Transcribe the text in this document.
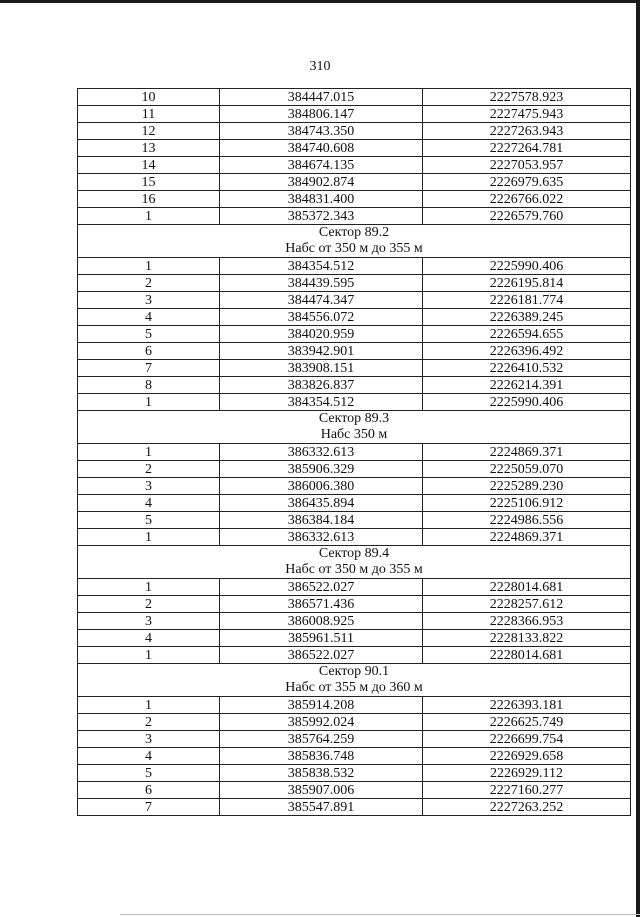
310
10	384447.015	2227578.923
11	384806.147	2227475.943
12	384743.350	2227263.943
13	384740.608	2227264.781
14	384674.135	2227053.957
15	384902.874	2226979.635
16	384831.400	2226766.022
1	385372.343	2226579.760

Сектор 89.2
Набс от 350 м до 355 м		

1	384354.512	2225990.406
2	384439.595	2226195.814
3	384474.347	2226181.774
4	384556.072	2226389.245
5	384020.959	2226594.655
6	383942.901	2226396.492
7	383908.151	2226410.532
8	383826.837	2226214.391
1	384354.512	2225990.406

Сектор 89.3
Набс 350 м		

1	386332.613	2224869.371
2	385906.329	2225059.070
3	386006.380	2225289.230
4	386435.894	2225106.912
5	386384.184	2224986.556
1	386332.613	2224869.371

Сектор 89.4
Набс от 350 м до 355 м		

1	386522.027	2228014.681
2	386571.436	2228257.612
3	386008.925	2228366.953
4	385961.511	2228133.822
1	386522.027	2228014.681

Сектор 90.1
Набс от 355 м до 360 м		

1	385914.208	2226393.181
2	385992.024	2226625.749
3	385764.259	2226699.754
4	385836.748	2226929.658
5	385838.532	2226929.112
6	385907.006	2227160.277
7	385547.891	2227263.252
